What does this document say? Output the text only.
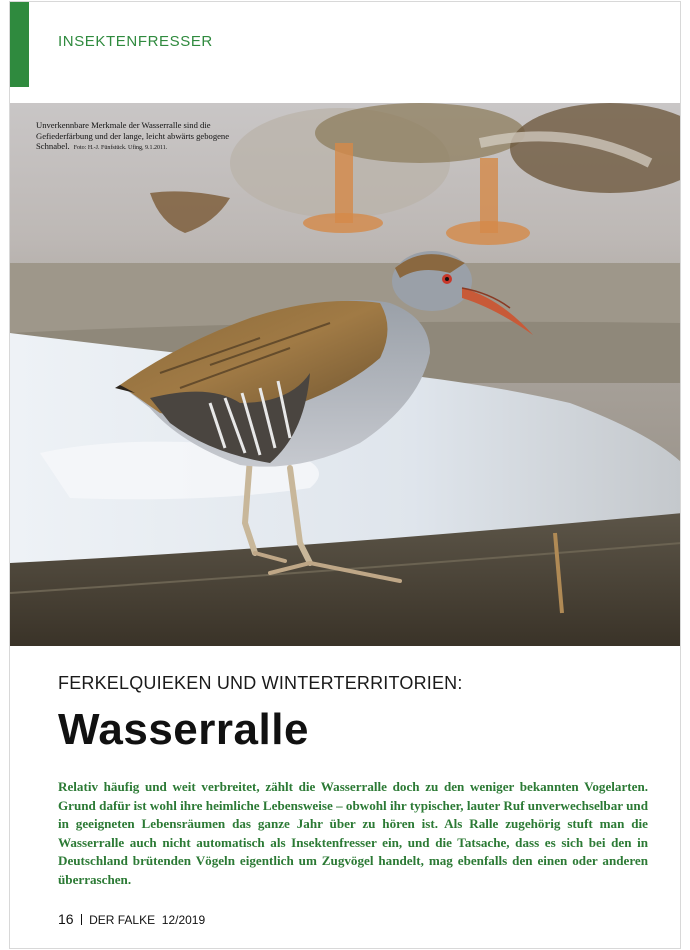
INSEKTENFRESSER
Unverkennbare Merkmale der Wasserralle sind die Gefiederfärbung und der lange, leicht abwärts gebogene Schnabel. Foto: H.-J. Fünfstück. Ufing, 9.1.2011.
FERKELQUIEKEN UND WINTERTERRITORIEN:
Wasserralle

Relativ häufig und weit verbreitet, zählt die Wasserralle doch zu den weniger bekannten Vogelarten. Grund dafür ist wohl ihre heimliche Lebensweise – obwohl ihr typischer, lauter Ruf unverwechselbar und in geeigneten Lebensräumen das ganze Jahr über zu hören ist. Als Ralle zugehörig stuft man die Wasserralle auch nicht automatisch als Insektenfresser ein, und die Tatsache, dass es sich bei den in Deutschland brütenden Vögeln eigentlich um Zugvögel handelt, mag ebenfalls den einen oder anderen überraschen.

16 DER FALKE 12/2019
